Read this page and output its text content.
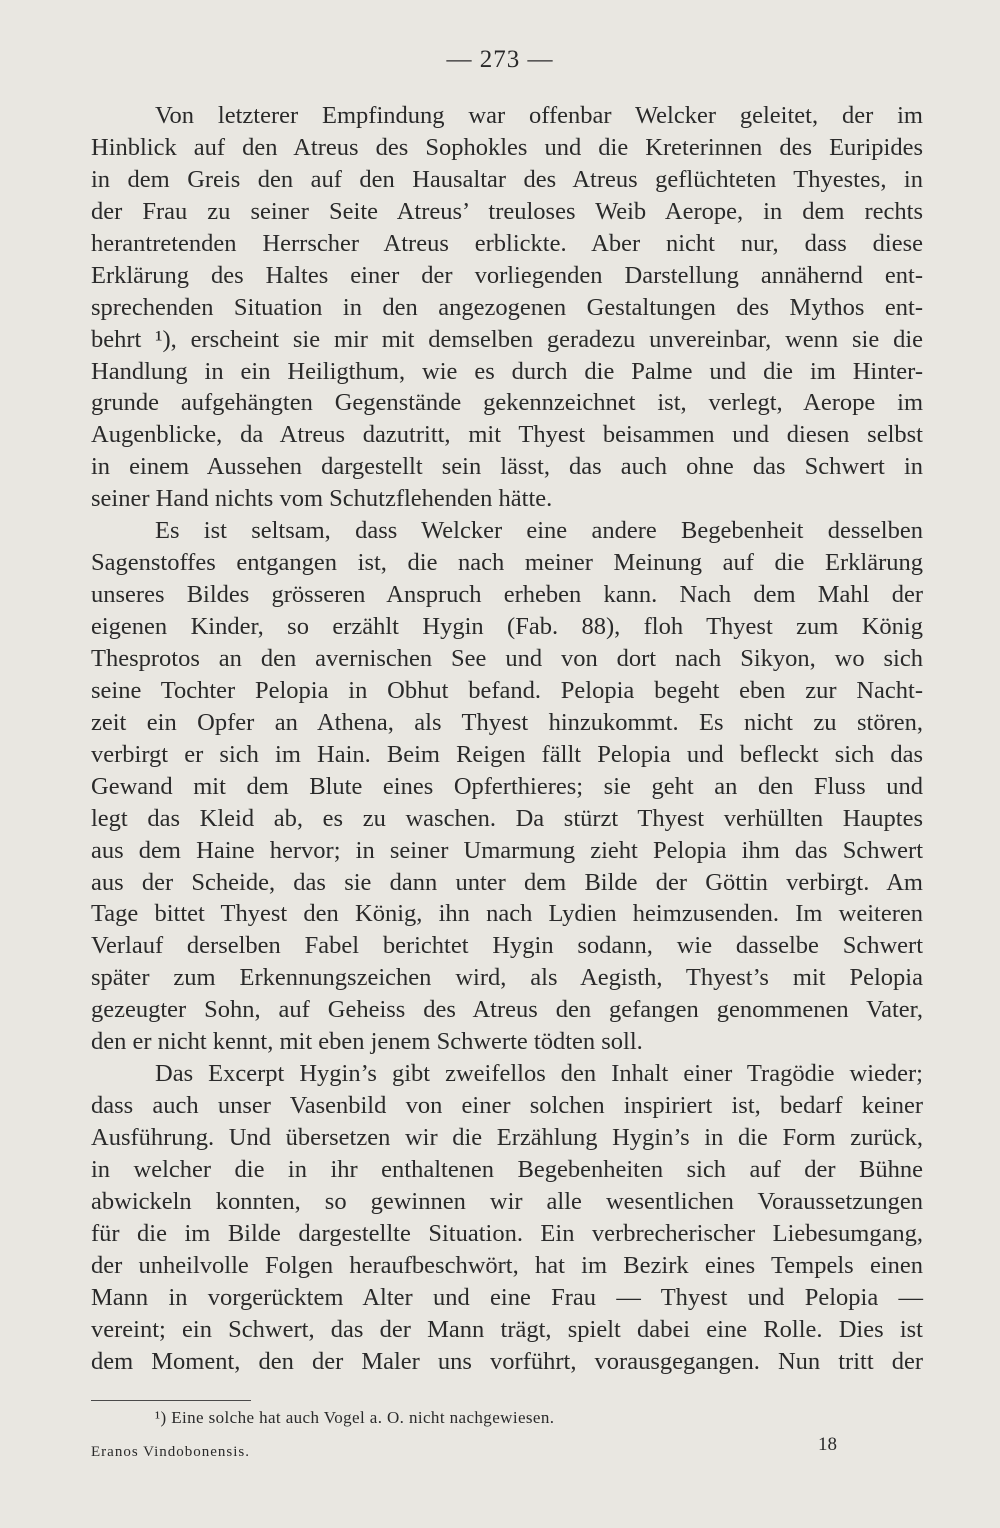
— 273 —
Von letzterer Empfindung war offenbar Welcker geleitet, der im
Hinblick auf den Atreus des Sophokles und die Kreterinnen des Euripides
in dem Greis den auf den Hausaltar des Atreus geflüchteten Thyestes, in
der Frau zu seiner Seite Atreus’ treuloses Weib Aerope, in dem rechts
herantretenden Herrscher Atreus erblickte. Aber nicht nur, dass diese
Erklärung des Haltes einer der vorliegenden Darstellung annähernd ent-
sprechenden Situation in den angezogenen Gestaltungen des Mythos ent-
behrt ¹), erscheint sie mir mit demselben geradezu unvereinbar, wenn sie die
Handlung in ein Heiligthum, wie es durch die Palme und die im Hinter-
grunde aufgehängten Gegenstände gekennzeichnet ist, verlegt, Aerope im
Augenblicke, da Atreus dazutritt, mit Thyest beisammen und diesen selbst
in einem Aussehen dargestellt sein lässt, das auch ohne das Schwert in
seiner Hand nichts vom Schutzflehenden hätte.
Es ist seltsam, dass Welcker eine andere Begebenheit desselben
Sagenstoffes entgangen ist, die nach meiner Meinung auf die Erklärung
unseres Bildes grösseren Anspruch erheben kann. Nach dem Mahl der
eigenen Kinder, so erzählt Hygin (Fab. 88), floh Thyest zum König
Thesprotos an den avernischen See und von dort nach Sikyon, wo sich
seine Tochter Pelopia in Obhut befand. Pelopia begeht eben zur Nacht-
zeit ein Opfer an Athena, als Thyest hinzukommt. Es nicht zu stören,
verbirgt er sich im Hain. Beim Reigen fällt Pelopia und befleckt sich das
Gewand mit dem Blute eines Opferthieres; sie geht an den Fluss und
legt das Kleid ab, es zu waschen. Da stürzt Thyest verhüllten Hauptes
aus dem Haine hervor; in seiner Umarmung zieht Pelopia ihm das Schwert
aus der Scheide, das sie dann unter dem Bilde der Göttin verbirgt. Am
Tage bittet Thyest den König, ihn nach Lydien heimzusenden. Im weiteren
Verlauf derselben Fabel berichtet Hygin sodann, wie dasselbe Schwert
später zum Erkennungszeichen wird, als Aegisth, Thyest’s mit Pelopia
gezeugter Sohn, auf Geheiss des Atreus den gefangen genommenen Vater,
den er nicht kennt, mit eben jenem Schwerte tödten soll.
Das Excerpt Hygin’s gibt zweifellos den Inhalt einer Tragödie wieder;
dass auch unser Vasenbild von einer solchen inspiriert ist, bedarf keiner
Ausführung. Und übersetzen wir die Erzählung Hygin’s in die Form zurück,
in welcher die in ihr enthaltenen Begebenheiten sich auf der Bühne
abwickeln konnten, so gewinnen wir alle wesentlichen Voraussetzungen
für die im Bilde dargestellte Situation. Ein verbrecherischer Liebesumgang,
der unheilvolle Folgen heraufbeschwört, hat im Bezirk eines Tempels einen
Mann in vorgerücktem Alter und eine Frau — Thyest und Pelopia —
vereint; ein Schwert, das der Mann trägt, spielt dabei eine Rolle. Dies ist
dem Moment, den der Maler uns vorführt, vorausgegangen. Nun tritt der
¹) Eine solche hat auch Vogel a. O. nicht nachgewiesen.
Eranos Vindobonensis.	18
